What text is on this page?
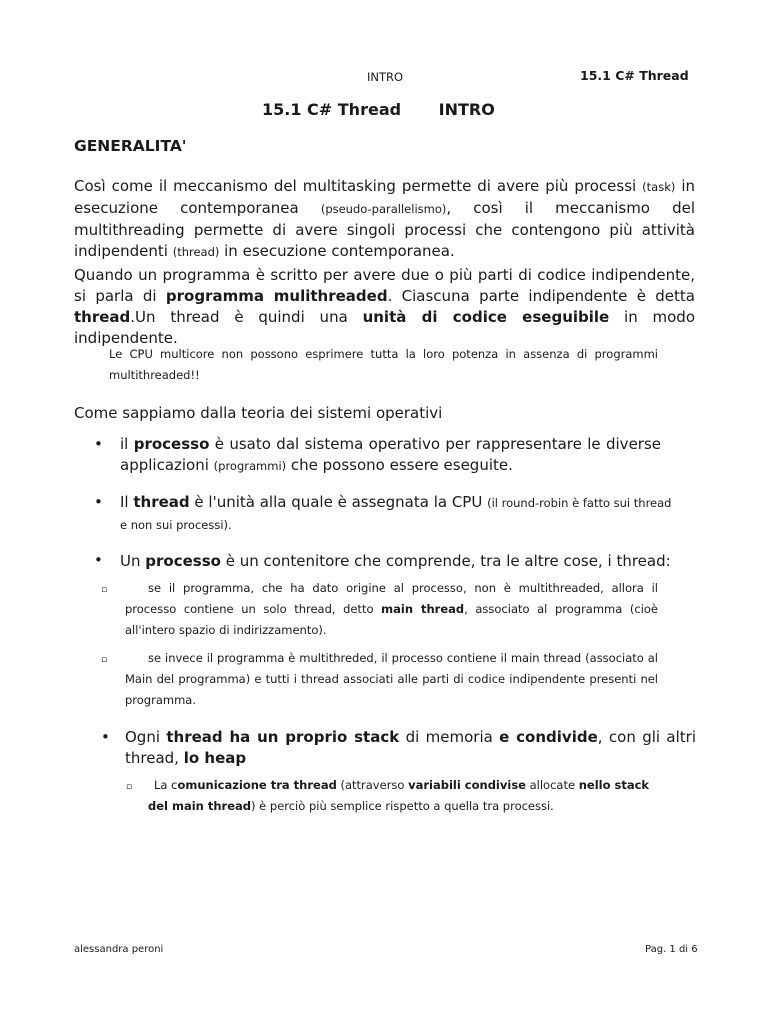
INTRO	15.1 C# Thread
15.1 C# Thread INTRO
GENERALITA'
Così come il meccanismo del multitasking permette di avere più processi (task) in esecuzione contemporanea (pseudo-parallelismo), così il meccanismo del multithreading permette di avere singoli processi che contengono più attività indipendenti (thread) in esecuzione contemporanea.
Quando un programma è scritto per avere due o più parti di codice indipendente, si parla di programma mulithreaded. Ciascuna parte indipendente è detta thread.Un thread è quindi una unità di codice eseguibile in modo indipendente.
Le CPU multicore non possono esprimere tutta la loro potenza in assenza di programmi multithreaded!!
Come sappiamo dalla teoria dei sistemi operativi
• il processo è usato dal sistema operativo per rappresentare le diverse applicazioni (programmi) che possono essere eseguite.
• Il thread è l'unità alla quale è assegnata la CPU (il round-robin è fatto sui thread e non sui processi).
• Un processo è un contenitore che comprende, tra le altre cose, i thread:
▫	se il programma, che ha dato origine al processo, non è multithreaded, allora il processo contiene un solo thread, detto main thread, associato al programma (cioè all'intero spazio di indirizzamento).
▫	se invece il programma è multithreded, il processo contiene il main thread (associato al Main del programma) e tutti i thread associati alle parti di codice indipendente presenti nel programma.
• Ogni thread ha un proprio stack di memoria e condivide, con gli altri thread, lo heap
▫	La comunicazione tra thread (attraverso variabili condivise allocate nello stack del main thread) è perciò più semplice rispetto a quella tra processi.
alessandra peroni	Pag. 1 di 6
